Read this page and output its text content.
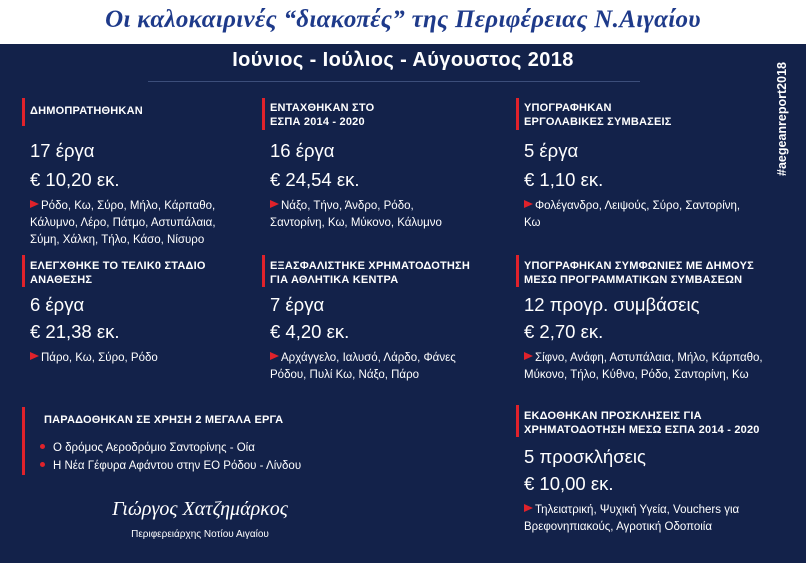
Οι καλοκαιρινές “διακοπές” της Περιφέρειας Ν.Αιγαίου
Ιούνιος - Ιούλιος - Αύγουστος 2018
#aegeanreport2018
ΔΗΜΟΠΡΑΤΗΘΗΚΑΝ
17 έργα
€ 10,20 εκ.
Ρόδο, Κω, Σύρο, Μήλο, Κάρπαθο,
Κάλυμνο, Λέρο, Πάτμο, Αστυπάλαια,
Σύμη, Χάλκη, Τήλο, Κάσο, Νίσυρο
ΕΝΤΑΧΘΗΚΑΝ ΣΤΟ
ΕΣΠΑ 2014 - 2020
16 έργα
€ 24,54 εκ.
Νάξο, Τήνο, Άνδρο, Ρόδο,
Σαντορίνη, Κω, Μύκονο, Κάλυμνο
ΥΠΟΓΡΑΦΗΚΑΝ
ΕΡΓΟΛΑΒΙΚΕΣ ΣΥΜΒΑΣΕΙΣ
5 έργα
€ 1,10 εκ.
Φολέγανδρο, Λειψούς, Σύρο, Σαντορίνη,
Κω
ΕΛΕΓΧΘΗΚΕ ΤΟ ΤΕΛΙΚ0 ΣΤΑΔΙΟ
ΑΝΑΘΕΣΗΣ
6 έργα
€ 21,38 εκ.
Πάρο, Κω, Σύρο, Ρόδο
ΕΞΑΣΦΑΛΙΣΤΗΚΕ ΧΡΗΜΑΤΟΔΟΤΗΣΗ
ΓΙΑ ΑΘΛΗΤΙΚΑ ΚΕΝΤΡΑ
7 έργα
€ 4,20 εκ.
Αρχάγγελο, Ιαλυσό, Λάρδο, Φάνες
Ρόδου, Πυλί Κω, Νάξο, Πάρο
ΥΠΟΓΡΑΦΗΚΑΝ ΣΥΜΦΩΝΙΕΣ ΜΕ ΔΗΜΟΥΣ
ΜΕΣΩ ΠΡΟΓΡΑΜΜΑΤΙΚΩΝ ΣΥΜΒΑΣΕΩΝ
12 προγρ. συμβάσεις
€ 2,70 εκ.
Σίφνο, Ανάφη, Αστυπάλαια, Μήλο, Κάρπαθο,
Μύκονο, Τήλο, Κύθνο, Ρόδο, Σαντορίνη, Κω
ΠΑΡΑΔΟΘΗΚΑΝ ΣΕ ΧΡΗΣΗ 2 ΜΕΓΑΛΑ ΕΡΓΑ
Ο δρόμος Αεροδρόμιο Σαντορίνης - Οία
Η Νέα Γέφυρα Αφάντου στην ΕΟ Ρόδου - Λίνδου
ΕΚΔΟΘΗΚΑΝ ΠΡΟΣΚΛΗΣΕΙΣ ΓΙΑ
ΧΡΗΜΑΤΟΔΟΤΗΣΗ ΜΕΣΩ ΕΣΠΑ 2014 - 2020
5 προσκλήσεις
€ 10,00 εκ.
Τηλειατρική, Ψυχική Υγεία, Vouchers για
Βρεφονηπιακούς, Αγροτική Οδοποιία
Γιώργος Χατζημάρκος
Περιφερειάρχης Νοτίου Αιγαίου
